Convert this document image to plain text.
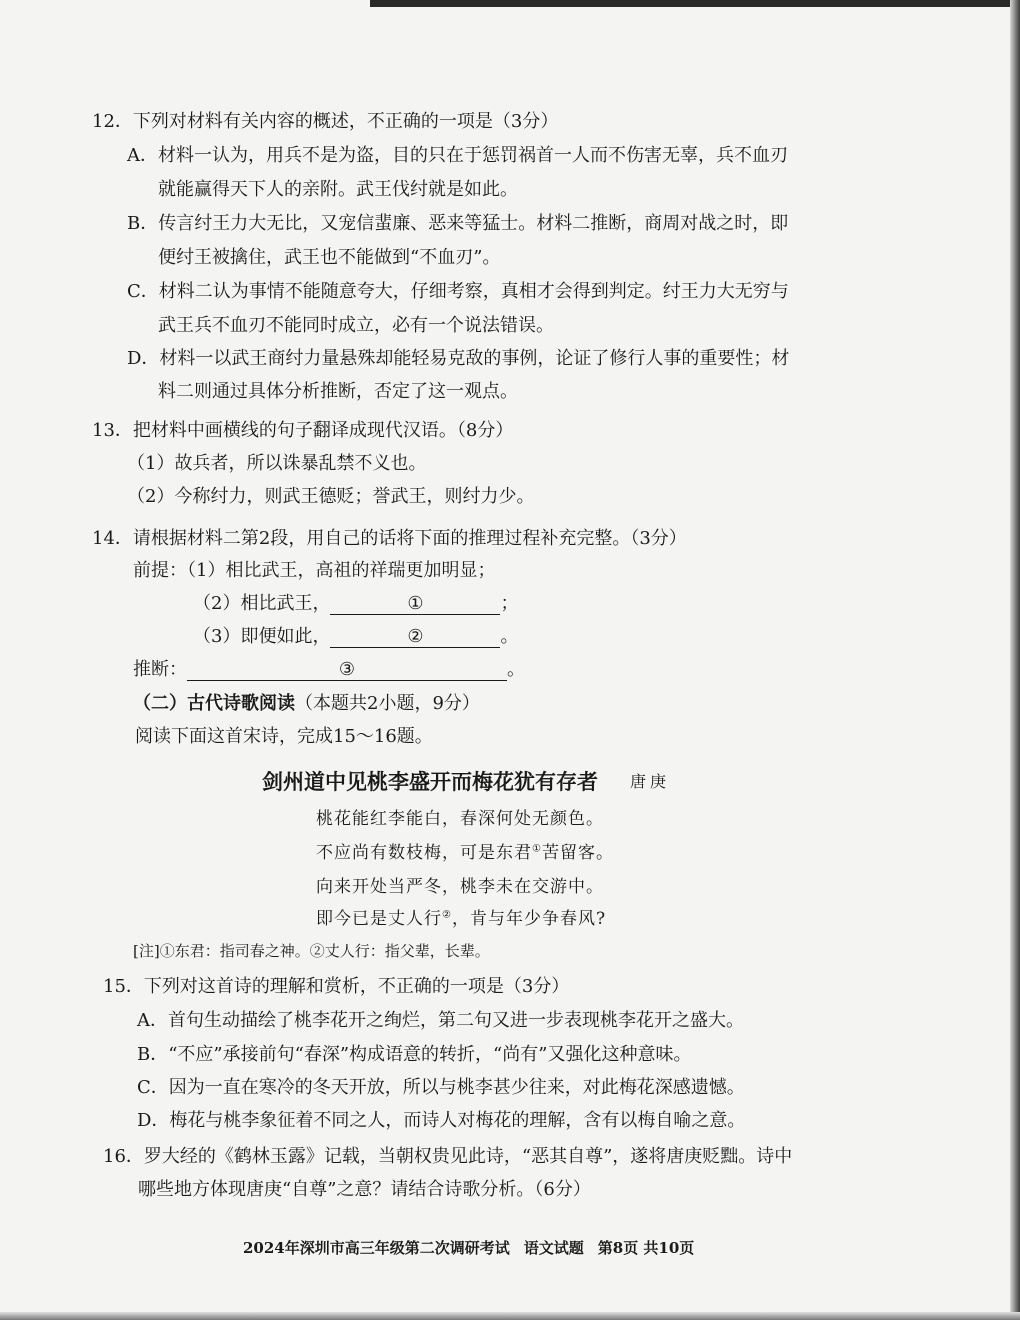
12．下列对材料有关内容的概述，不正确的一项是（3分）
A．材料一认为，用兵不是为盗，目的只在于惩罚祸首一人而不伤害无辜，兵不血刃
就能赢得天下人的亲附。武王伐纣就是如此。
B．传言纣王力大无比，又宠信蜚廉、恶来等猛士。材料二推断，商周对战之时，即
便纣王被擒住，武王也不能做到“不血刃”。
C．材料二认为事情不能随意夸大，仔细考察，真相才会得到判定。纣王力大无穷与
武王兵不血刃不能同时成立，必有一个说法错误。
D．材料一以武王商纣力量悬殊却能轻易克敌的事例，论证了修行人事的重要性；材
料二则通过具体分析推断，否定了这一观点。
13．把材料中画横线的句子翻译成现代汉语。（8分）
（1）故兵者，所以诛暴乱禁不义也。
（2）今称纣力，则武王德贬；誉武王，则纣力少。
14．请根据材料二第2段，用自己的话将下面的推理过程补充完整。（3分）
前提：（1）相比武王，高祖的祥瑞更加明显；
（2）相比武王，	①	；
（3）即便如此，	②	。
推断：	③	。
（二）古代诗歌阅读（本题共2小题，9分）
阅读下面这首宋诗，完成15～16题。
剑州道中见桃李盛开而梅花犹有存者 唐庚
桃花能红李能白，春深何处无颜色。
不应尚有数枝梅，可是东君①苦留客。
向来开处当严冬，桃李未在交游中。
即今已是丈人行②，肯与年少争春风?
[注]①东君：指司春之神。②丈人行：指父辈，长辈。
15．下列对这首诗的理解和赏析，不正确的一项是（3分）
A．首句生动描绘了桃李花开之绚烂，第二句又进一步表现桃李花开之盛大。
B．“不应”承接前句“春深”构成语意的转折，“尚有”又强化这种意味。
C．因为一直在寒冷的冬天开放，所以与桃李甚少往来，对此梅花深感遗憾。
D．梅花与桃李象征着不同之人，而诗人对梅花的理解，含有以梅自喻之意。
16．罗大经的《鹤林玉露》记载，当朝权贵见此诗，“恶其自尊”，遂将唐庚贬黜。诗中
哪些地方体现唐庚“自尊”之意？请结合诗歌分析。（6分）
2024年深圳市高三年级第二次调研考试 语文试题 第8页 共10页
